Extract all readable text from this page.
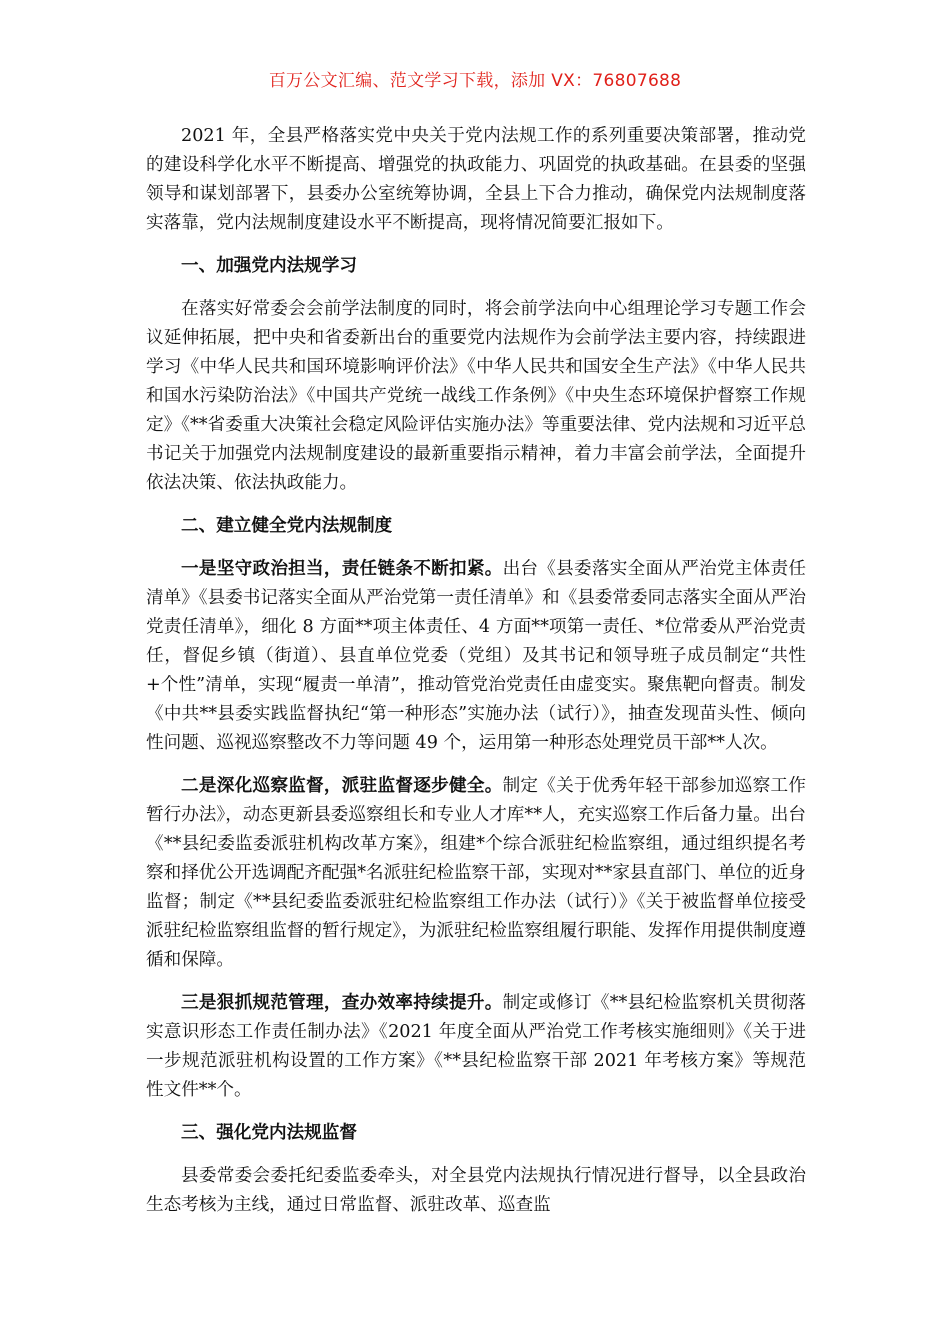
百万公文汇编、范文学习下载，添加 VX：76807688

2021 年，全县严格落实党中央关于党内法规工作的系列重要决策部署，推动党的建设科学化水平不断提高、增强党的执政能力、巩固党的执政基础。在县委的坚强领导和谋划部署下，县委办公室统筹协调，全县上下合力推动，确保党内法规制度落实落靠，党内法规制度建设水平不断提高，现将情况简要汇报如下。

一、加强党内法规学习

在落实好常委会会前学法制度的同时，将会前学法向中心组理论学习专题工作会议延伸拓展，把中央和省委新出台的重要党内法规作为会前学法主要内容，持续跟进学习《中华人民共和国环境影响评价法》《中华人民共和国安全生产法》《中华人民共和国水污染防治法》《中国共产党统一战线工作条例》《中央生态环境保护督察工作规定》《**省委重大决策社会稳定风险评估实施办法》等重要法律、党内法规和习近平总书记关于加强党内法规制度建设的最新重要指示精神，着力丰富会前学法，全面提升依法决策、依法执政能力。

二、建立健全党内法规制度

一是坚守政治担当，责任链条不断扣紧。出台《县委落实全面从严治党主体责任清单》《县委书记落实全面从严治党第一责任清单》和《县委常委同志落实全面从严治党责任清单》，细化 8 方面**项主体责任、4 方面**项第一责任、*位常委从严治党责任，督促乡镇（街道）、县直单位党委（党组）及其书记和领导班子成员制定“共性+个性”清单，实现“履责一单清”，推动管党治党责任由虚变实。聚焦靶向督责。制发《中共**县委实践监督执纪“第一种形态”实施办法（试行）》，抽查发现苗头性、倾向性问题、巡视巡察整改不力等问题 49 个，运用第一种形态处理党员干部**人次。

二是深化巡察监督，派驻监督逐步健全。制定《关于优秀年轻干部参加巡察工作暂行办法》，动态更新县委巡察组长和专业人才库**人，充实巡察工作后备力量。出台《**县纪委监委派驻机构改革方案》，组建*个综合派驻纪检监察组，通过组织提名考察和择优公开选调配齐配强*名派驻纪检监察干部，实现对**家县直部门、单位的近身监督；制定《**县纪委监委派驻纪检监察组工作办法（试行）》《关于被监督单位接受派驻纪检监察组监督的暂行规定》，为派驻纪检监察组履行职能、发挥作用提供制度遵循和保障。

三是狠抓规范管理，查办效率持续提升。制定或修订《**县纪检监察机关贯彻落实意识形态工作责任制办法》《2021 年度全面从严治党工作考核实施细则》《关于进一步规范派驻机构设置的工作方案》《**县纪检监察干部 2021 年考核方案》等规范性文件**个。

三、强化党内法规监督

县委常委会委托纪委监委牵头，对全县党内法规执行情况进行督导，以全县政治生态考核为主线，通过日常监督、派驻改革、巡查监
